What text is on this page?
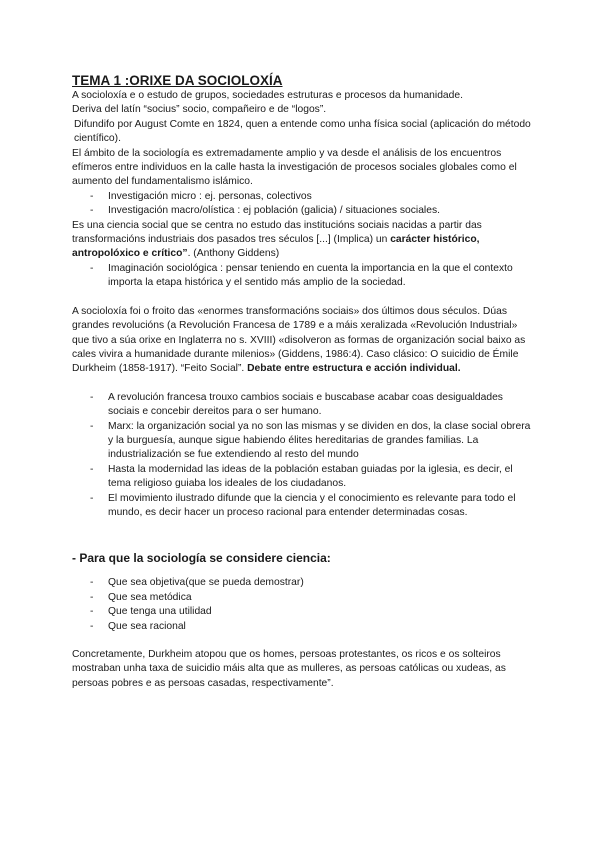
TEMA 1 :ORIXE DA SOCIOLOXÍA

A socioloxía e o estudo de grupos, sociedades estruturas e procesos da humanidade.

Deriva del latín “socius” socio, compañeiro e de “logos”.

Difundifo por August Comte en 1824, quen a entende como unha física social (aplicación do método científico).

El ámbito de la sociología es extremadamente amplio y va desde el análisis de los encuentros efímeros entre individuos en la calle hasta la investigación de procesos sociales globales como el aumento del fundamentalismo islámico.

- Investigación micro : ej. personas, colectivos
- Investigación macro/olística : ej población (galicia) / situaciones sociales.

Es una ciencia social que se centra no estudo das institucións sociais nacidas a partir das transformacións industriais dos pasados tres séculos [...] (Implica) un carácter histórico, antropolóxico e crítico”. (Anthony Giddens)

- Imaginación sociológica : pensar teniendo en cuenta la importancia en la que el contexto importa la etapa histórica y el sentido más amplio de la sociedad.

A socioloxía foi o froito das «enormes transformacións sociais» dos últimos dous séculos. Dúas grandes revolucións (a Revolución Francesa de 1789 e a máis xeralizada «Revolución Industrial» que tivo a súa orixe en Inglaterra no s. XVIII) «disolveron as formas de organización social baixo as cales vivira a humanidade durante milenios» (Giddens, 1986:4). Caso clásico: O suicidio de Émile Durkheim (1858-1917). “Feito Social”. Debate entre estructura e acción individual.

- A revolución francesa trouxo cambios sociais e buscabase acabar coas desigualdades sociais e concebir dereitos para o ser humano.
- Marx: la organización social ya no son las mismas y se dividen en dos, la clase social obrera y la burguesía, aunque sigue habiendo élites hereditarias de grandes familias. La industrialización se fue extendiendo al resto del mundo
- Hasta la modernidad las ideas de la población estaban guiadas por la iglesia, es decir, el tema religioso guiaba los ideales de los ciudadanos.
- El movimiento ilustrado difunde que la ciencia y el conocimiento es relevante para todo el mundo, es decir hacer un proceso racional para entender determinadas cosas.
- Para que la sociología se considere ciencia:
- Que sea objetiva(que se pueda demostrar)
- Que sea metódica
- Que tenga una utilidad
- Que sea racional

Concretamente, Durkheim atopou que os homes, persoas protestantes, os ricos e os solteiros mostraban unha taxa de suicidio máis alta que as mulleres, as persoas católicas ou xudeas, as persoas pobres e as persoas casadas, respectivamente”.
